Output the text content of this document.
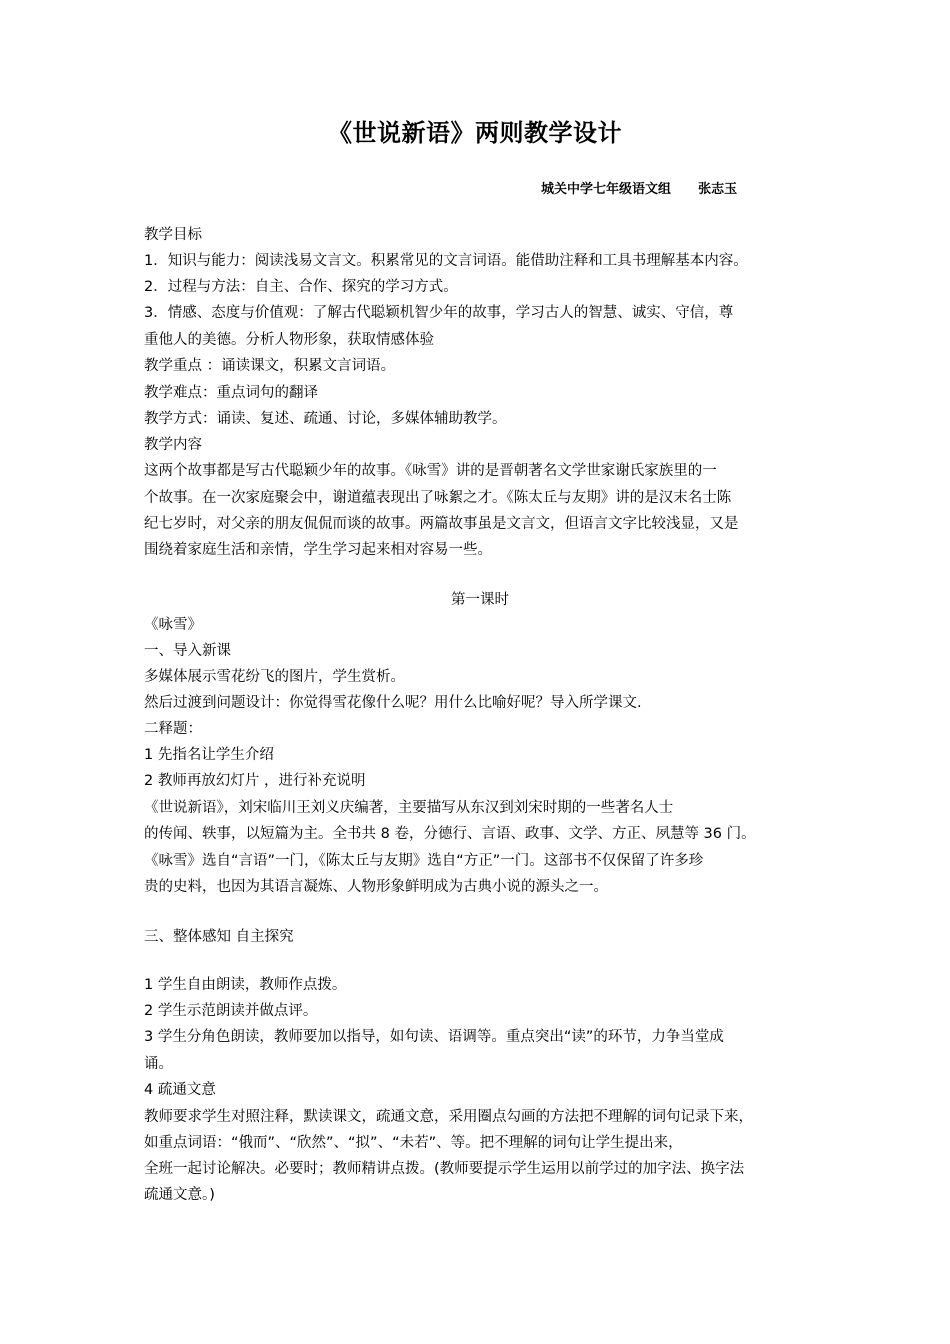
《世说新语》两则教学设计
城关中学七年级语文组      张志玉
教学目标
1．知识与能力：阅读浅易文言文。积累常见的文言词语。能借助注释和工具书理解基本内容。
2．过程与方法：自主、合作、探究的学习方式。
3．情感、态度与价值观：了解古代聪颖机智少年的故事，学习古人的智慧、诚实、守信，尊
重他人的美德。分析人物形象，获取情感体验
教学重点 ：诵读课文，积累文言词语。
教学难点：重点词句的翻译
教学方式：诵读、复述、疏通、讨论，多媒体辅助教学。
教学内容
这两个故事都是写古代聪颖少年的故事。《咏雪》讲的是晋朝著名文学世家谢氏家族里的一
个故事。在一次家庭聚会中，谢道蕴表现出了咏絮之才。《陈太丘与友期》讲的是汉末名士陈
纪七岁时，对父亲的朋友侃侃而谈的故事。两篇故事虽是文言文，但语言文字比较浅显，又是
围绕着家庭生活和亲情，学生学习起来相对容易一些。
第一课时
《咏雪》
一、导入新课
多媒体展示雪花纷飞的图片，学生赏析。
然后过渡到问题设计：你觉得雪花像什么呢？用什么比喻好呢？导入所学课文.
二释题：
1 先指名让学生介绍
2 教师再放幻灯片 ，进行补充说明
《世说新语》，刘宋临川王刘义庆编著，主要描写从东汉到刘宋时期的一些著名人士
的传闻、轶事，以短篇为主。全书共 8 卷，分德行、言语、政事、文学、方正、夙慧等 36 门。
《咏雪》选自“言语”一门，《陈太丘与友期》选自“方正”一门。这部书不仅保留了许多珍
贵的史料，也因为其语言凝炼、人物形象鲜明成为古典小说的源头之一。
三、整体感知 自主探究
1 学生自由朗读，教师作点拨。
2 学生示范朗读并做点评。
3 学生分角色朗读，教师要加以指导，如句读、语调等。重点突出“读”的环节，力争当堂成
诵。
4 疏通文意
教师要求学生对照注释，默读课文，疏通文意，采用圈点勾画的方法把不理解的词句记录下来，
如重点词语：“俄而”、“欣然”、“拟”、“未若”、等。把不理解的词句让学生提出来，
全班一起讨论解决。必要时；教师精讲点拨。(教师要提示学生运用以前学过的加字法、换字法
疏通文意。)
